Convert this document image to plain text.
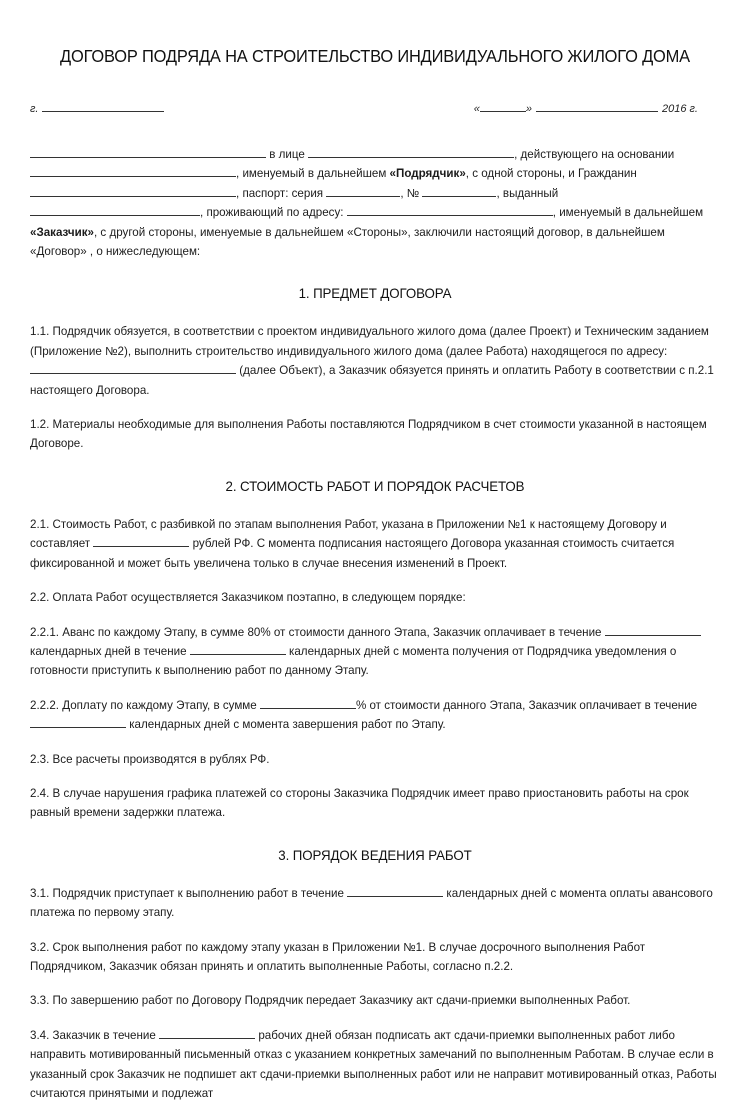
ДОГОВОР ПОДРЯДА НА СТРОИТЕЛЬСТВО ИНДИВИДУАЛЬНОГО ЖИЛОГО ДОМА
г.	«	»	2016 г.

в лице	, действующего на основании , именуемый в дальнейшем «Подрядчик», с одной стороны, и Гражданин , паспорт: серия	, №	, выданный , проживающий по адресу:	, именуемый в дальнейшем «Заказчик», с другой стороны, именуемые в дальнейшем «Стороны», заключили настоящий договор, в дальнейшем «Договор» , о нижеследующем:

1. ПРЕДМЕТ ДОГОВОРА

1.1. Подрядчик обязуется, в соответствии с проектом индивидуального жилого дома (далее Проект) и Техническим заданием (Приложение №2), выполнить строительство индивидуального жилого дома (далее Работа) находящегося по адресу:  (далее Объект), а Заказчик обязуется принять и оплатить Работу в соответствии с п.2.1 настоящего Договора.

1.2. Материалы необходимые для выполнения Работы поставляются Подрядчиком в счет стоимости указанной в настоящем Договоре.

2. СТОИМОСТЬ РАБОТ И ПОРЯДОК РАСЧЕТОВ

2.1. Стоимость Работ, с разбивкой по этапам выполнения Работ, указана в Приложении №1 к настоящему Договору и составляет	рублей РФ. С момента подписания настоящего Договора указанная стоимость считается фиксированной и может быть увеличена только в случае внесения изменений в Проект.

2.2. Оплата Работ осуществляется Заказчиком поэтапно, в следующем порядке:

2.2.1. Аванс по каждому Этапу, в сумме 80% от стоимости данного Этапа, Заказчик оплачивает в течение  календарных дней в течение	календарных дней с момента получения от Подрядчика уведомления о готовности приступить к выполнению работ по данному Этапу.

2.2.2. Доплату по каждому Этапу, в сумме	% от стоимости данного Этапа, Заказчик оплачивает в течение  календарных дней с момента завершения работ по Этапу.

2.3. Все расчеты производятся в рублях РФ.

2.4. В случае нарушения графика платежей со стороны Заказчика Подрядчик имеет право приостановить работы на срок равный времени задержки платежа.

3. ПОРЯДОК ВЕДЕНИЯ РАБОТ

3.1. Подрядчик приступает к выполнению работ в течение	календарных дней с момента оплаты авансового платежа по первому этапу.

3.2. Срок выполнения работ по каждому этапу указан в Приложении №1. В случае досрочного выполнения Работ Подрядчиком, Заказчик обязан принять и оплатить выполненные Работы, согласно п.2.2.

3.3. По завершению работ по Договору Подрядчик передает Заказчику акт сдачи-приемки выполненных Работ.

3.4. Заказчик в течение	рабочих дней обязан подписать акт сдачи-приемки выполненных работ либо направить мотивированный письменный отказ с указанием конкретных замечаний по выполненным Работам. В случае если в указанный срок Заказчик не подпишет акт сдачи-приемки выполненных работ или не направит мотивированный отказ, Работы считаются принятыми и подлежат
